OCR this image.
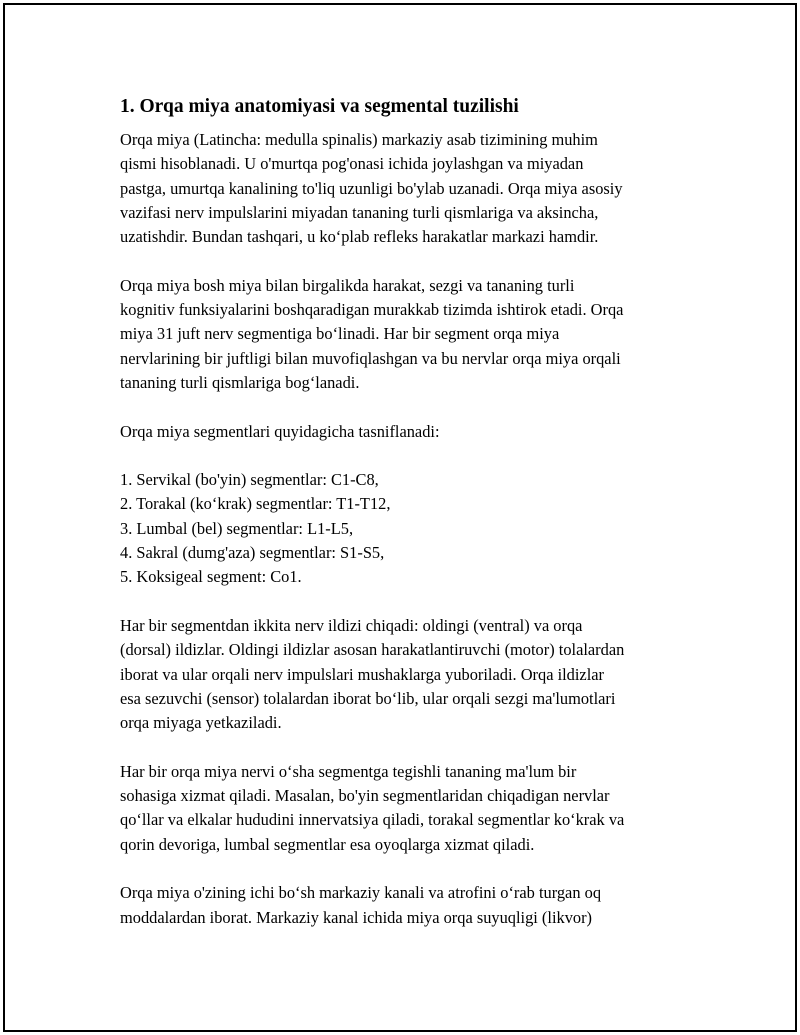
1. Orqa miya anatomiyasi va segmental tuzilishi

Orqa miya (Latincha: medulla spinalis) markaziy asab tizimining muhim
qismi hisoblanadi. U o'murtqa pog'onasi ichida joylashgan va miyadan
pastga, umurtqa kanalining to'liq uzunligi bo'ylab uzanadi. Orqa miya asosiy
vazifasi nerv impulslarini miyadan tananing turli qismlariga va aksincha,
uzatishdir. Bundan tashqari, u ko‘plab refleks harakatlar markazi hamdir.

Orqa miya bosh miya bilan birgalikda harakat, sezgi va tananing turli
kognitiv funksiyalarini boshqaradigan murakkab tizimda ishtirok etadi. Orqa
miya 31 juft nerv segmentiga bo‘linadi. Har bir segment orqa miya
nervlarining bir juftligi bilan muvofiqlashgan va bu nervlar orqa miya orqali
tananing turli qismlariga bog‘lanadi.

Orqa miya segmentlari quyidagicha tasniflanadi:

1. Servikal (bo'yin) segmentlar: C1-C8,
2. Torakal (ko‘krak) segmentlar: T1-T12,
3. Lumbal (bel) segmentlar: L1-L5,
4. Sakral (dumg'aza) segmentlar: S1-S5,
5. Koksigeal segment: Co1.

Har bir segmentdan ikkita nerv ildizi chiqadi: oldingi (ventral) va orqa
(dorsal) ildizlar. Oldingi ildizlar asosan harakatlantiruvchi (motor) tolalardan
iborat va ular orqali nerv impulslari mushaklarga yuboriladi. Orqa ildizlar
esa sezuvchi (sensor) tolalardan iborat bo‘lib, ular orqali sezgi ma'lumotlari
orqa miyaga yetkaziladi.

Har bir orqa miya nervi o‘sha segmentga tegishli tananing ma'lum bir
sohasiga xizmat qiladi. Masalan, bo'yin segmentlaridan chiqadigan nervlar
qo‘llar va elkalar hududini innervatsiya qiladi, torakal segmentlar ko‘krak va
qorin devoriga, lumbal segmentlar esa oyoqlarga xizmat qiladi.

Orqa miya o'zining ichi bo‘sh markaziy kanali va atrofini o‘rab turgan oq
moddalardan iborat. Markaziy kanal ichida miya orqa suyuqligi (likvor)
